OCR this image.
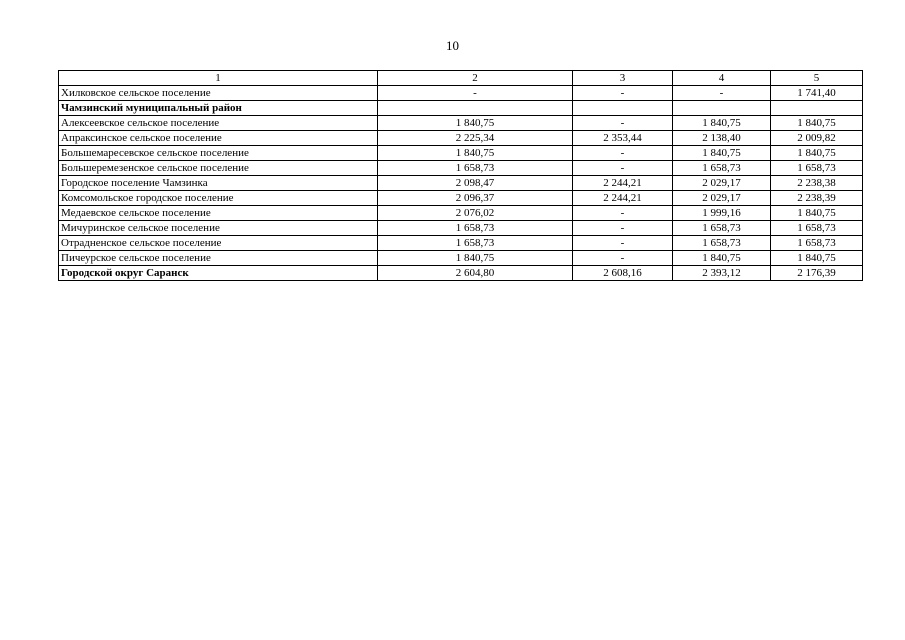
10
1	2	3	4	5
Хилковское сельское поселение	-	-	-	1 741,40
Чамзинский муниципальный район				
Алексеевское сельское поселение	1 840,75	-	1 840,75	1 840,75
Апраксинское сельское поселение	2 225,34	2 353,44	2 138,40	2 009,82
Большемаресевское сельское поселение	1 840,75	-	1 840,75	1 840,75
Большеремезенское сельское поселение	1 658,73	-	1 658,73	1 658,73
Городское поселение Чамзинка	2 098,47	2 244,21	2 029,17	2 238,38
Комсомольское городское поселение	2 096,37	2 244,21	2 029,17	2 238,39
Медаевское сельское поселение	2 076,02	-	1 999,16	1 840,75
Мичуринское сельское поселение	1 658,73	-	1 658,73	1 658,73
Отрадненское сельское поселение	1 658,73	-	1 658,73	1 658,73
Пичеурское сельское поселение	1 840,75	-	1 840,75	1 840,75
Городской округ Саранск	2 604,80	2 608,16	2 393,12	2 176,39
